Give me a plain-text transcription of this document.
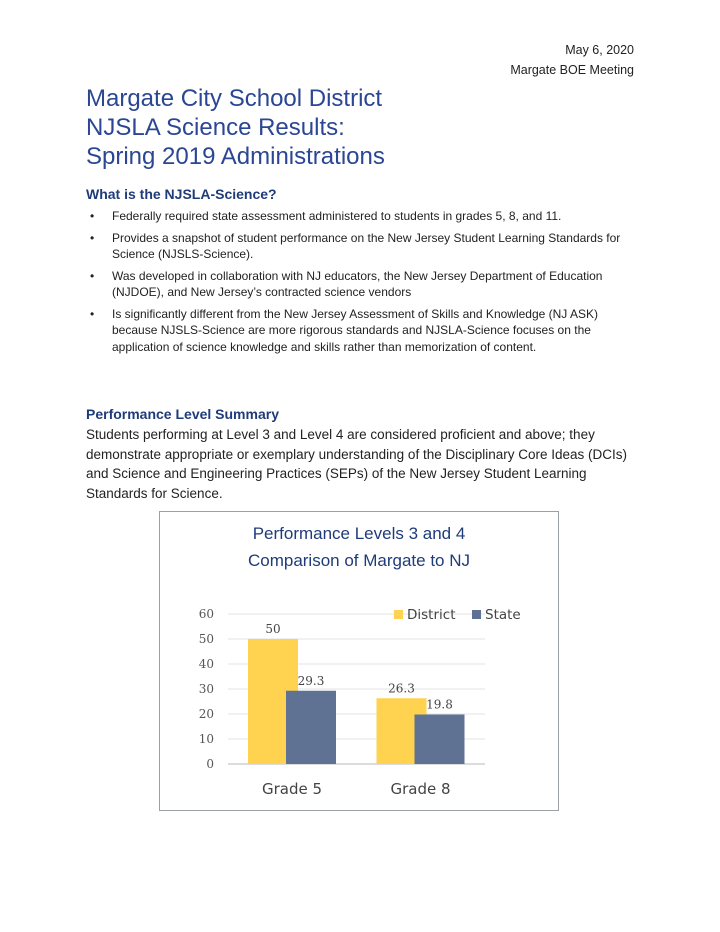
May 6, 2020
Margate BOE Meeting
Margate City School District
NJSLA Science Results:
Spring 2019 Administrations
What is the NJSLA-Science?
• Federally required state assessment administered to students in grades 5, 8, and 11.
• Provides a snapshot of student performance on the New Jersey Student Learning Standards for Science (NJSLS-Science).
• Was developed in collaboration with NJ educators, the New Jersey Department of Education (NJDOE), and New Jersey’s contracted science vendors
• Is significantly different from the New Jersey Assessment of Skills and Knowledge (NJ ASK) because NJSLS-Science are more rigorous standards and NJSLA-Science focuses on the application of science knowledge and skills rather than memorization of content.
Performance Level Summary
Students performing at Level 3 and Level 4 are considered proficient and above; they demonstrate appropriate or exemplary understanding of the Disciplinary Core Ideas (DCIs) and Science and Engineering Practices (SEPs) of the New Jersey Student Learning Standards for Science.
Performance Levels 3 and 4
Comparison of Margate to NJ
0
10
20
30
40
50
60
50
29.3
Grade 5
26.3
19.8
Grade 8
District State
